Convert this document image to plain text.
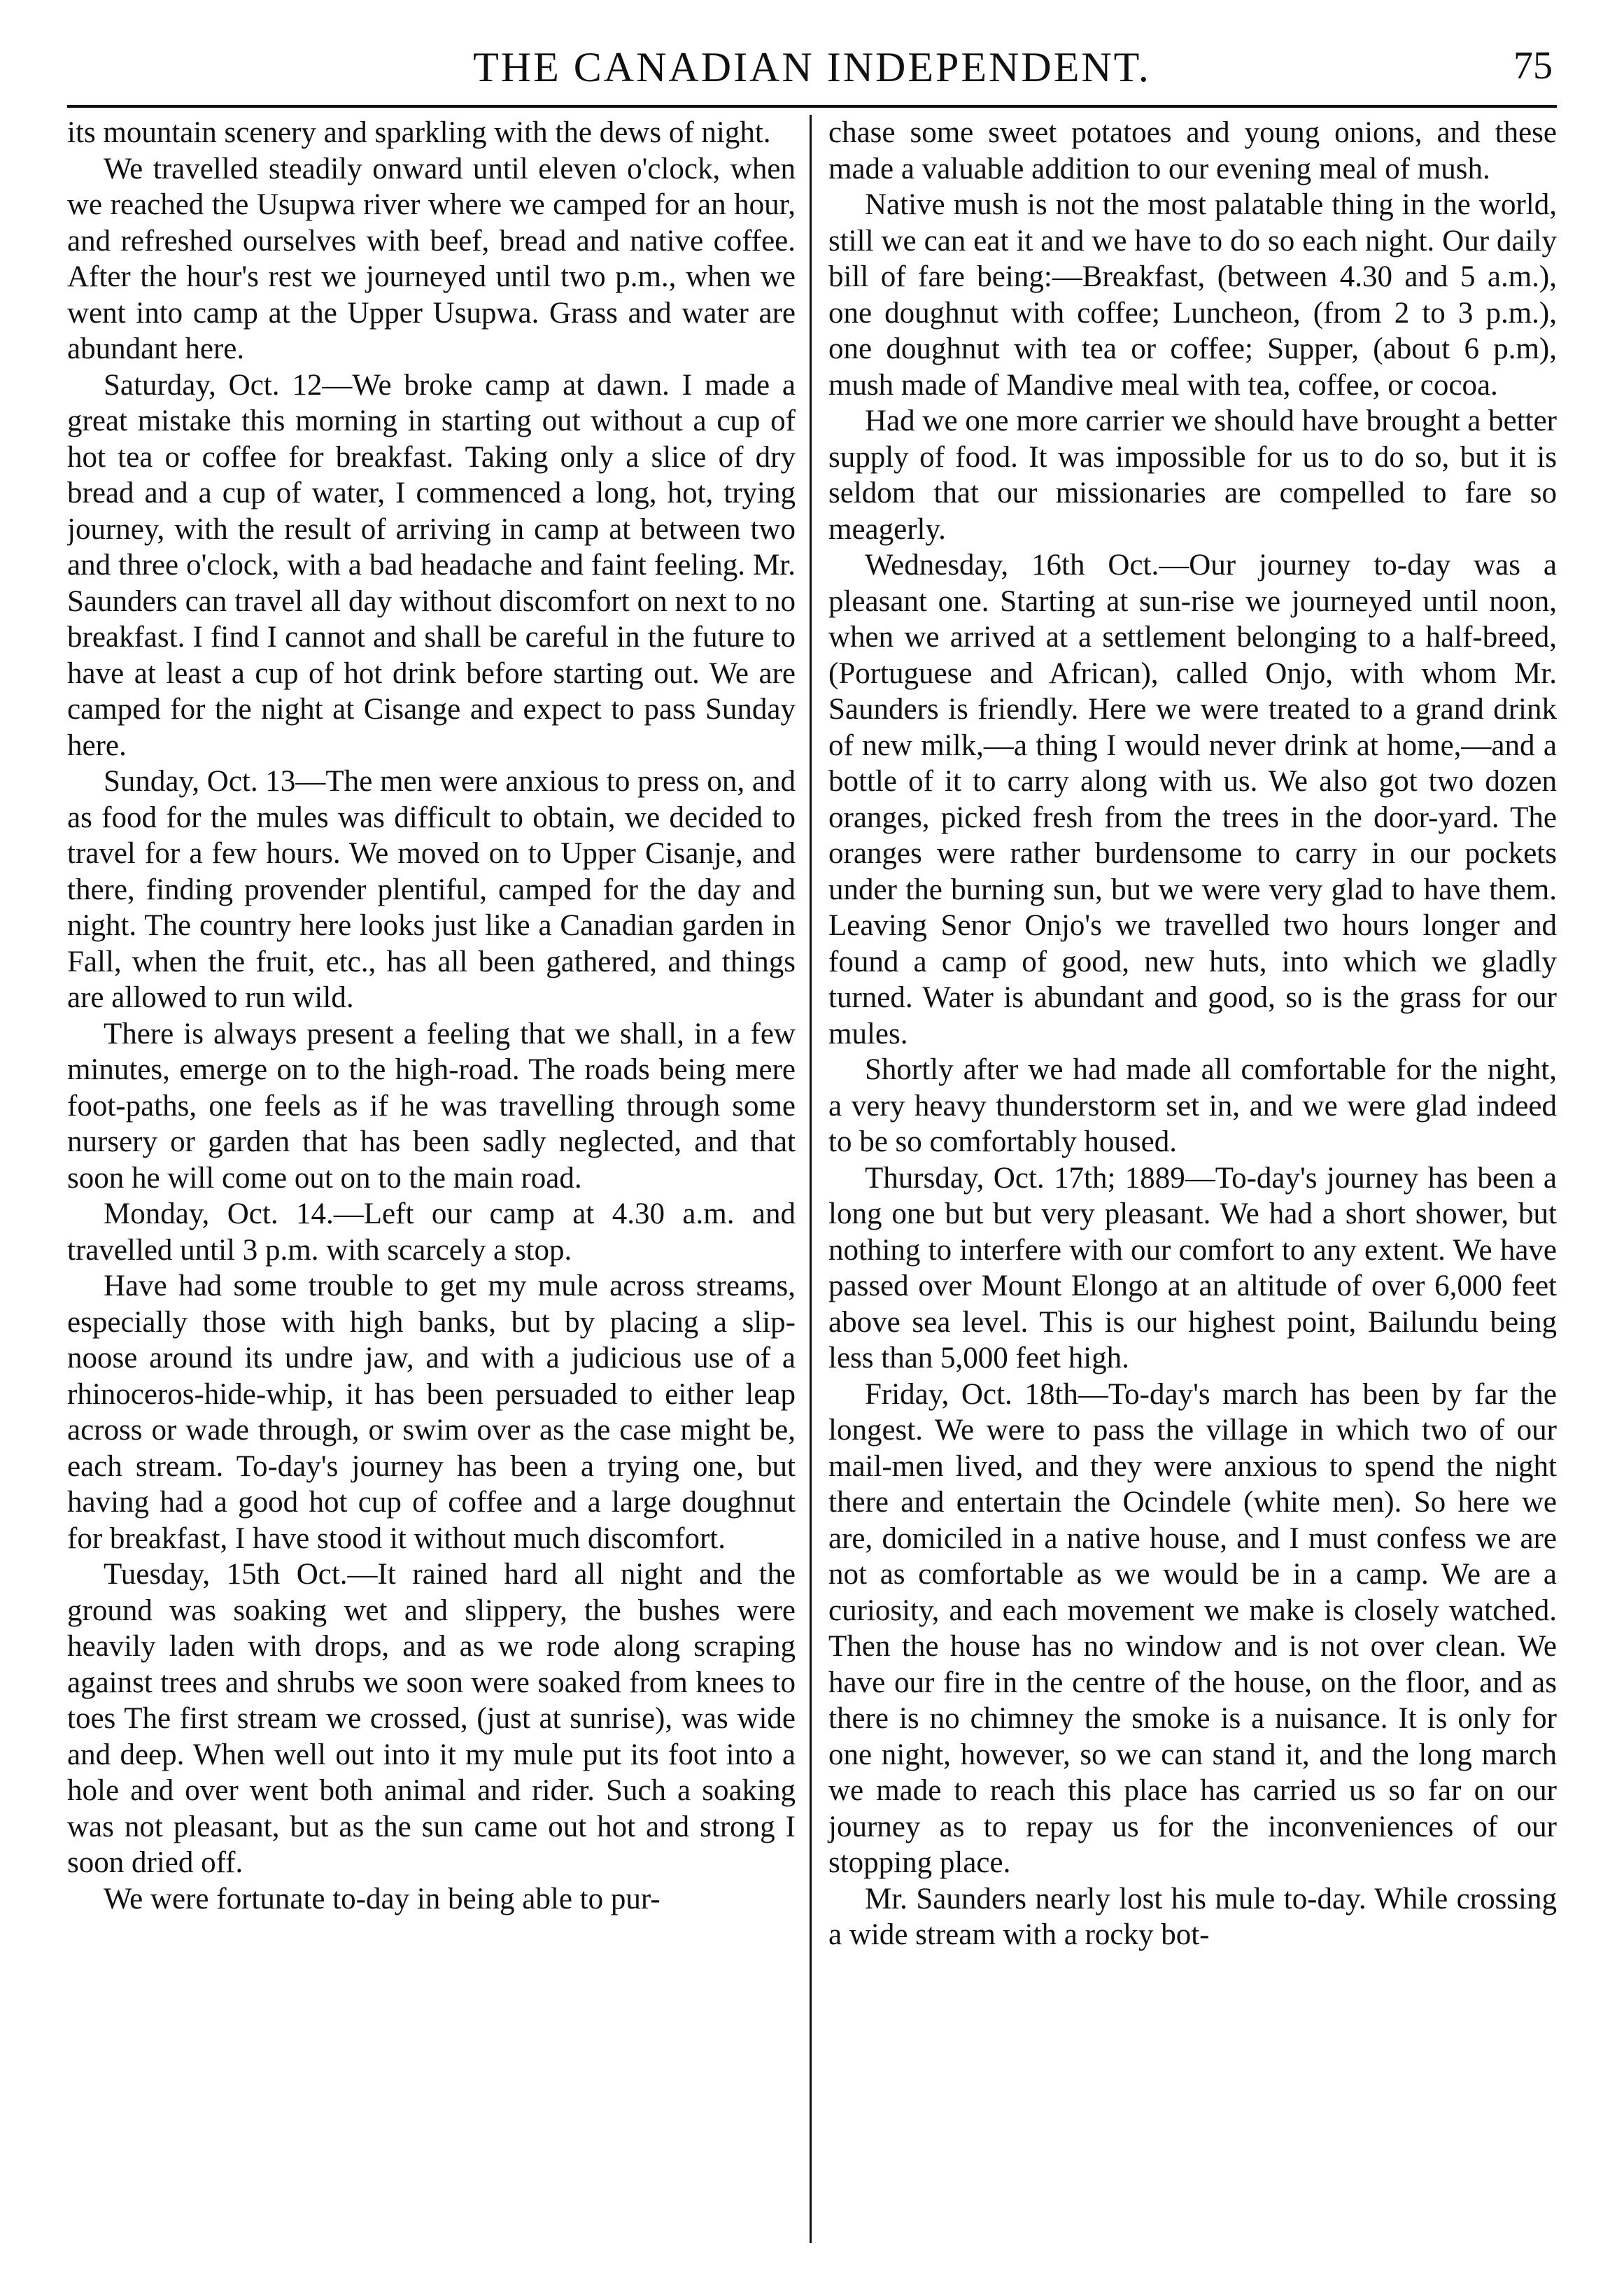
THE CANADIAN INDEPENDENT.	75

its mountain scenery and sparkling with the dews of night.

We travelled steadily onward until eleven o'clock, when we reached the Usupwa river where we camped for an hour, and refreshed ourselves with beef, bread and native coffee. After the hour's rest we journeyed until two p.m., when we went into camp at the Upper Usupwa. Grass and water are abundant here.

Saturday, Oct. 12—We broke camp at dawn. I made a great mistake this morning in starting out without a cup of hot tea or coffee for breakfast. Taking only a slice of dry bread and a cup of water, I commenced a long, hot, trying journey, with the result of arriving in camp at between two and three o'clock, with a bad headache and faint feeling. Mr. Saunders can travel all day without discomfort on next to no breakfast. I find I cannot and shall be careful in the future to have at least a cup of hot drink before starting out. We are camped for the night at Cisange and expect to pass Sunday here.

Sunday, Oct. 13—The men were anxious to press on, and as food for the mules was difficult to obtain, we decided to travel for a few hours. We moved on to Upper Cisanje, and there, finding provender plentiful, camped for the day and night. The country here looks just like a Canadian garden in Fall, when the fruit, etc., has all been gathered, and things are allowed to run wild.

There is always present a feeling that we shall, in a few minutes, emerge on to the high-road. The roads being mere foot-paths, one feels as if he was travelling through some nursery or garden that has been sadly neglected, and that soon he will come out on to the main road.

Monday, Oct. 14.—Left our camp at 4.30 a.m. and travelled until 3 p.m. with scarcely a stop.

Have had some trouble to get my mule across streams, especially those with high banks, but by placing a slip-noose around its undre jaw, and with a judicious use of a rhinoceros-hide-whip, it has been persuaded to either leap across or wade through, or swim over as the case might be, each stream. To-day's journey has been a trying one, but having had a good hot cup of coffee and a large doughnut for breakfast, I have stood it without much discomfort.

Tuesday, 15th Oct.—It rained hard all night and the ground was soaking wet and slippery, the bushes were heavily laden with drops, and as we rode along scraping against trees and shrubs we soon were soaked from knees to toes The first stream we crossed, (just at sunrise), was wide and deep. When well out into it my mule put its foot into a hole and over went both animal and rider. Such a soaking was not pleasant, but as the sun came out hot and strong I soon dried off.

We were fortunate to-day in being able to pur-

chase some sweet potatoes and young onions, and these made a valuable addition to our evening meal of mush.

Native mush is not the most palatable thing in the world, still we can eat it and we have to do so each night. Our daily bill of fare being:—Breakfast, (between 4.30 and 5 a.m.), one doughnut with coffee; Luncheon, (from 2 to 3 p.m.), one doughnut with tea or coffee; Supper, (about 6 p.m), mush made of Mandive meal with tea, coffee, or cocoa.

Had we one more carrier we should have brought a better supply of food. It was impossible for us to do so, but it is seldom that our missionaries are compelled to fare so meagerly.

Wednesday, 16th Oct.—Our journey to-day was a pleasant one. Starting at sun-rise we journeyed until noon, when we arrived at a settlement belonging to a half-breed, (Portuguese and African), called Onjo, with whom Mr. Saunders is friendly. Here we were treated to a grand drink of new milk,—a thing I would never drink at home,—and a bottle of it to carry along with us. We also got two dozen oranges, picked fresh from the trees in the door-yard. The oranges were rather burdensome to carry in our pockets under the burning sun, but we were very glad to have them. Leaving Senor Onjo's we travelled two hours longer and found a camp of good, new huts, into which we gladly turned. Water is abundant and good, so is the grass for our mules.

Shortly after we had made all comfortable for the night, a very heavy thunderstorm set in, and we were glad indeed to be so comfortably housed.

Thursday, Oct. 17th; 1889—To-day's journey has been a long one but but very pleasant. We had a short shower, but nothing to interfere with our comfort to any extent. We have passed over Mount Elongo at an altitude of over 6,000 feet above sea level. This is our highest point, Bailundu being less than 5,000 feet high.

Friday, Oct. 18th—To-day's march has been by far the longest. We were to pass the village in which two of our mail-men lived, and they were anxious to spend the night there and entertain the Ocindele (white men). So here we are, domiciled in a native house, and I must confess we are not as comfortable as we would be in a camp. We are a curiosity, and each movement we make is closely watched. Then the house has no window and is not over clean. We have our fire in the centre of the house, on the floor, and as there is no chimney the smoke is a nuisance. It is only for one night, however, so we can stand it, and the long march we made to reach this place has carried us so far on our journey as to repay us for the inconveniences of our stopping place.

Mr. Saunders nearly lost his mule to-day. While crossing a wide stream with a rocky bot-
